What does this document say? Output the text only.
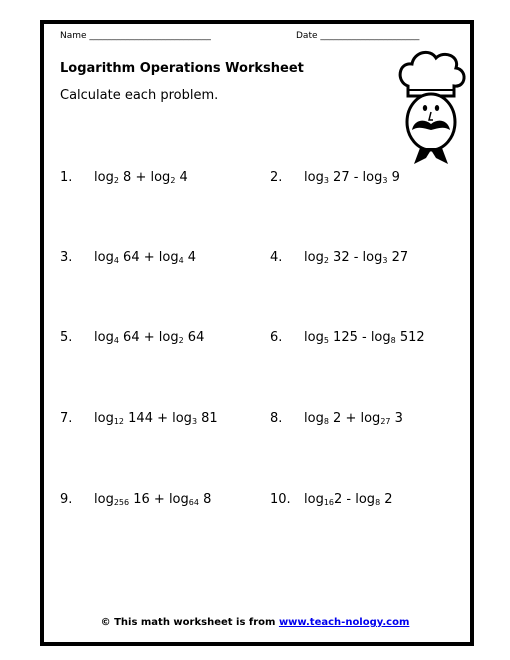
Name ___________________________	Date ______________________
Logarithm Operations Worksheet
Calculate each problem.
1. $\log_2 8 + \log_2 4$	2. $\log_3 27 - \log_3 9$
3. $\log_4 64 + \log_4 4$	4. $\log_2 32 - \log_3 27$
5. $\log_4 64 + \log_2 64$	6. $\log_5 125 - \log_8 512$
7. $\log_{12} 144 + \log_3 81$	8. $\log_8 2 + \log_{27} 3$
9. $\log_{256} 16 + \log_{64} 8$	10. $\log_{16}2 - \log_8 2$
© This math worksheet is from www.teach-nology.com
